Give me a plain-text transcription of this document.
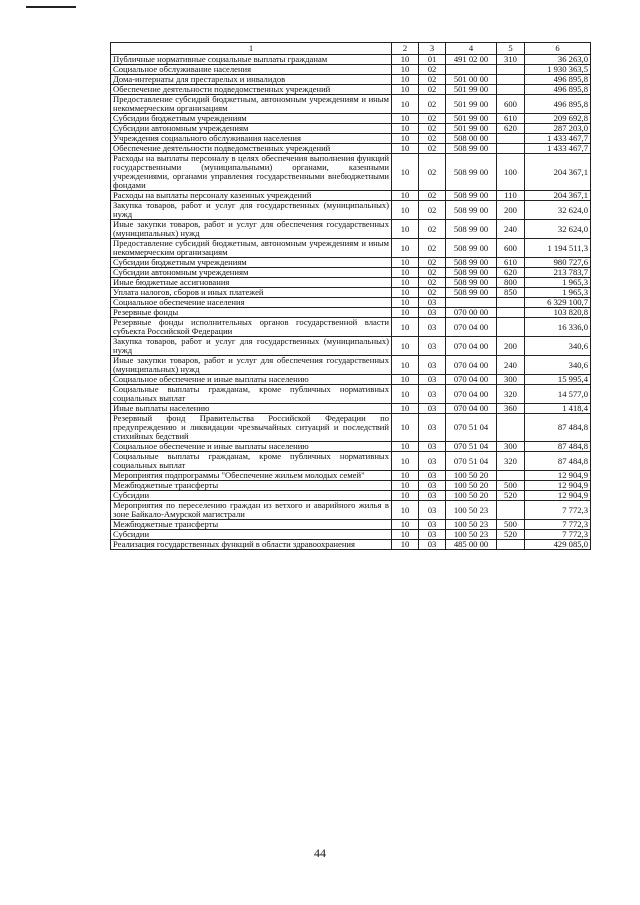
1	2	3	4	5	6
Публичные нормативные социальные выплаты гражданам	10	01	491 02 00	310	36 263,0
Социальное обслуживание населения	10	02			1 930 363,5
Дома-интернаты для престарелых и инвалидов	10	02	501 00 00		496 895,8
Обеспечение деятельности подведомственных учреждений	10	02	501 99 00		496 895,8
Предоставление субсидий бюджетным, автономным учреждениям и иным некоммерческим организациям	10	02	501 99 00	600	496 895,8
Субсидии бюджетным учреждениям	10	02	501 99 00	610	209 692,8
Субсидии автономным учреждениям	10	02	501 99 00	620	287 203,0
Учреждения социального обслуживания населения	10	02	508 00 00		1 433 467,7
Обеспечение деятельности подведомственных учреждений	10	02	508 99 00		1 433 467,7
Расходы на выплаты персоналу в целях обеспечения выполнения функций государственными (муниципальными) органами, казенными учреждениями, органами управления государственными внебюджетными фондами	10	02	508 99 00	100	204 367,1
Расходы на выплаты персоналу казенных учреждений	10	02	508 99 00	110	204 367,1
Закупка товаров, работ и услуг для государственных (муниципальных) нужд	10	02	508 99 00	200	32 624,0
Иные закупки товаров, работ и услуг для обеспечения государственных (муниципальных) нужд	10	02	508 99 00	240	32 624,0
Предоставление субсидий бюджетным, автономным учреждениям и иным некоммерческим организациям	10	02	508 99 00	600	1 194 511,3
Субсидии бюджетным учреждениям	10	02	508 99 00	610	980 727,6
Субсидии автономным учреждениям	10	02	508 99 00	620	213 783,7
Иные бюджетные ассигнования	10	02	508 99 00	800	1 965,3
Уплата налогов, сборов и иных платежей	10	02	508 99 00	850	1 965,3
Социальное обеспечение населения	10	03			6 329 100,7
Резервные фонды	10	03	070 00 00		103 820,8
Резервные фонды исполнительных органов государственной власти субъекта Российской Федерации	10	03	070 04 00		16 336,0
Закупка товаров, работ и услуг для государственных (муниципальных) нужд	10	03	070 04 00	200	340,6
Иные закупки товаров, работ и услуг для обеспечения государственных (муниципальных) нужд	10	03	070 04 00	240	340,6
Социальное обеспечение и иные выплаты населению	10	03	070 04 00	300	15 995,4
Социальные выплаты гражданам, кроме публичных нормативных социальных выплат	10	03	070 04 00	320	14 577,0
Иные выплаты населению	10	03	070 04 00	360	1 418,4
Резервный фонд Правительства Российской Федерации по предупреждению и ликвидации чрезвычайных ситуаций и последствий стихийных бедствий	10	03	070 51 04		87 484,8
Социальное обеспечение и иные выплаты населению	10	03	070 51 04	300	87 484,8
Социальные выплаты гражданам, кроме публичных нормативных социальных выплат	10	03	070 51 04	320	87 484,8
Мероприятия подпрограммы "Обеспечение жильем молодых семей"	10	03	100 50 20		12 904,9
Межбюджетные трансферты	10	03	100 50 20	500	12 904,9
Субсидии	10	03	100 50 20	520	12 904,9
Мероприятия по переселению граждан из ветхого и аварийного жилья в зоне Байкало-Амурской магистрали	10	03	100 50 23		7 772,3
Межбюджетные трансферты	10	03	100 50 23	500	7 772,3
Субсидии	10	03	100 50 23	520	7 772,3
Реализация государственных функций в области здравоохранения	10	03	485 00 00		429 085,0
44
